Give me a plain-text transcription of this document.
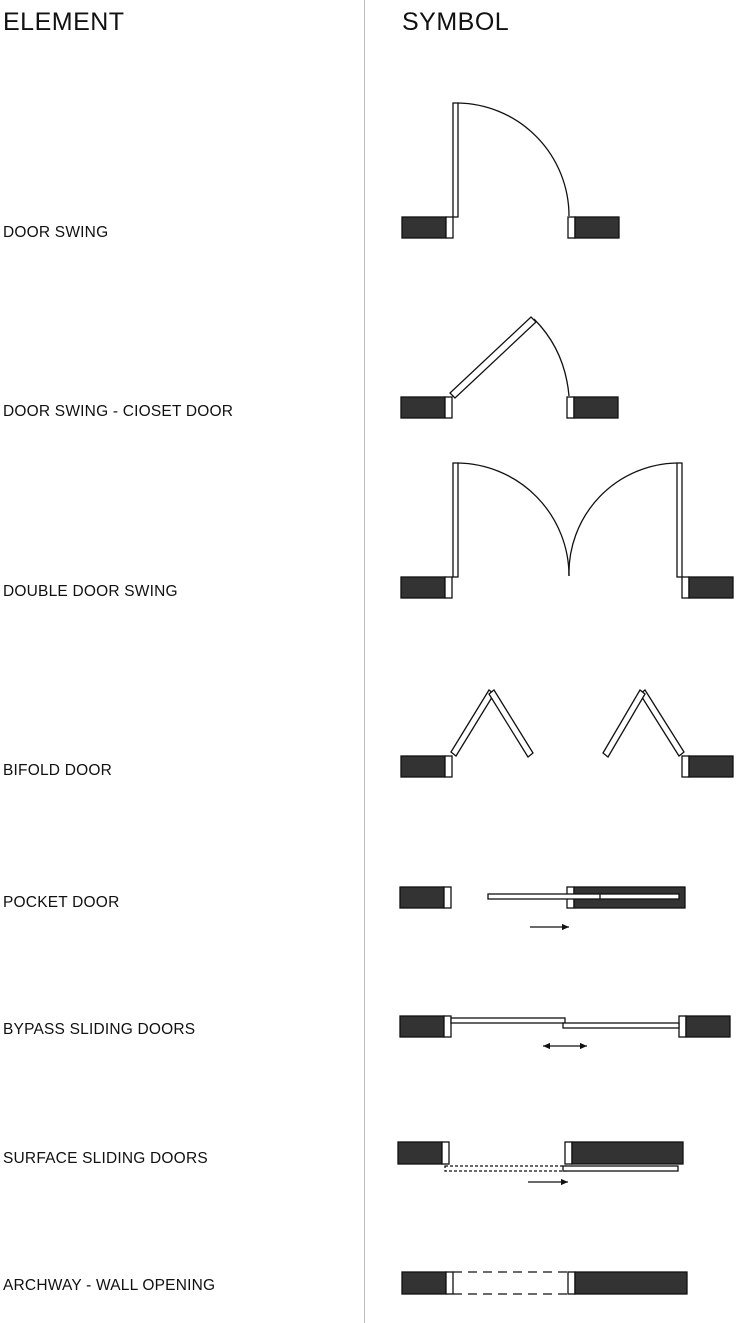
ELEMENT	SYMBOL
DOOR SWING
DOOR SWING - CIOSET DOOR
DOUBLE DOOR SWING
BIFOLD DOOR
POCKET DOOR
BYPASS SLIDING DOORS
SURFACE SLIDING DOORS
ARCHWAY - WALL OPENING
